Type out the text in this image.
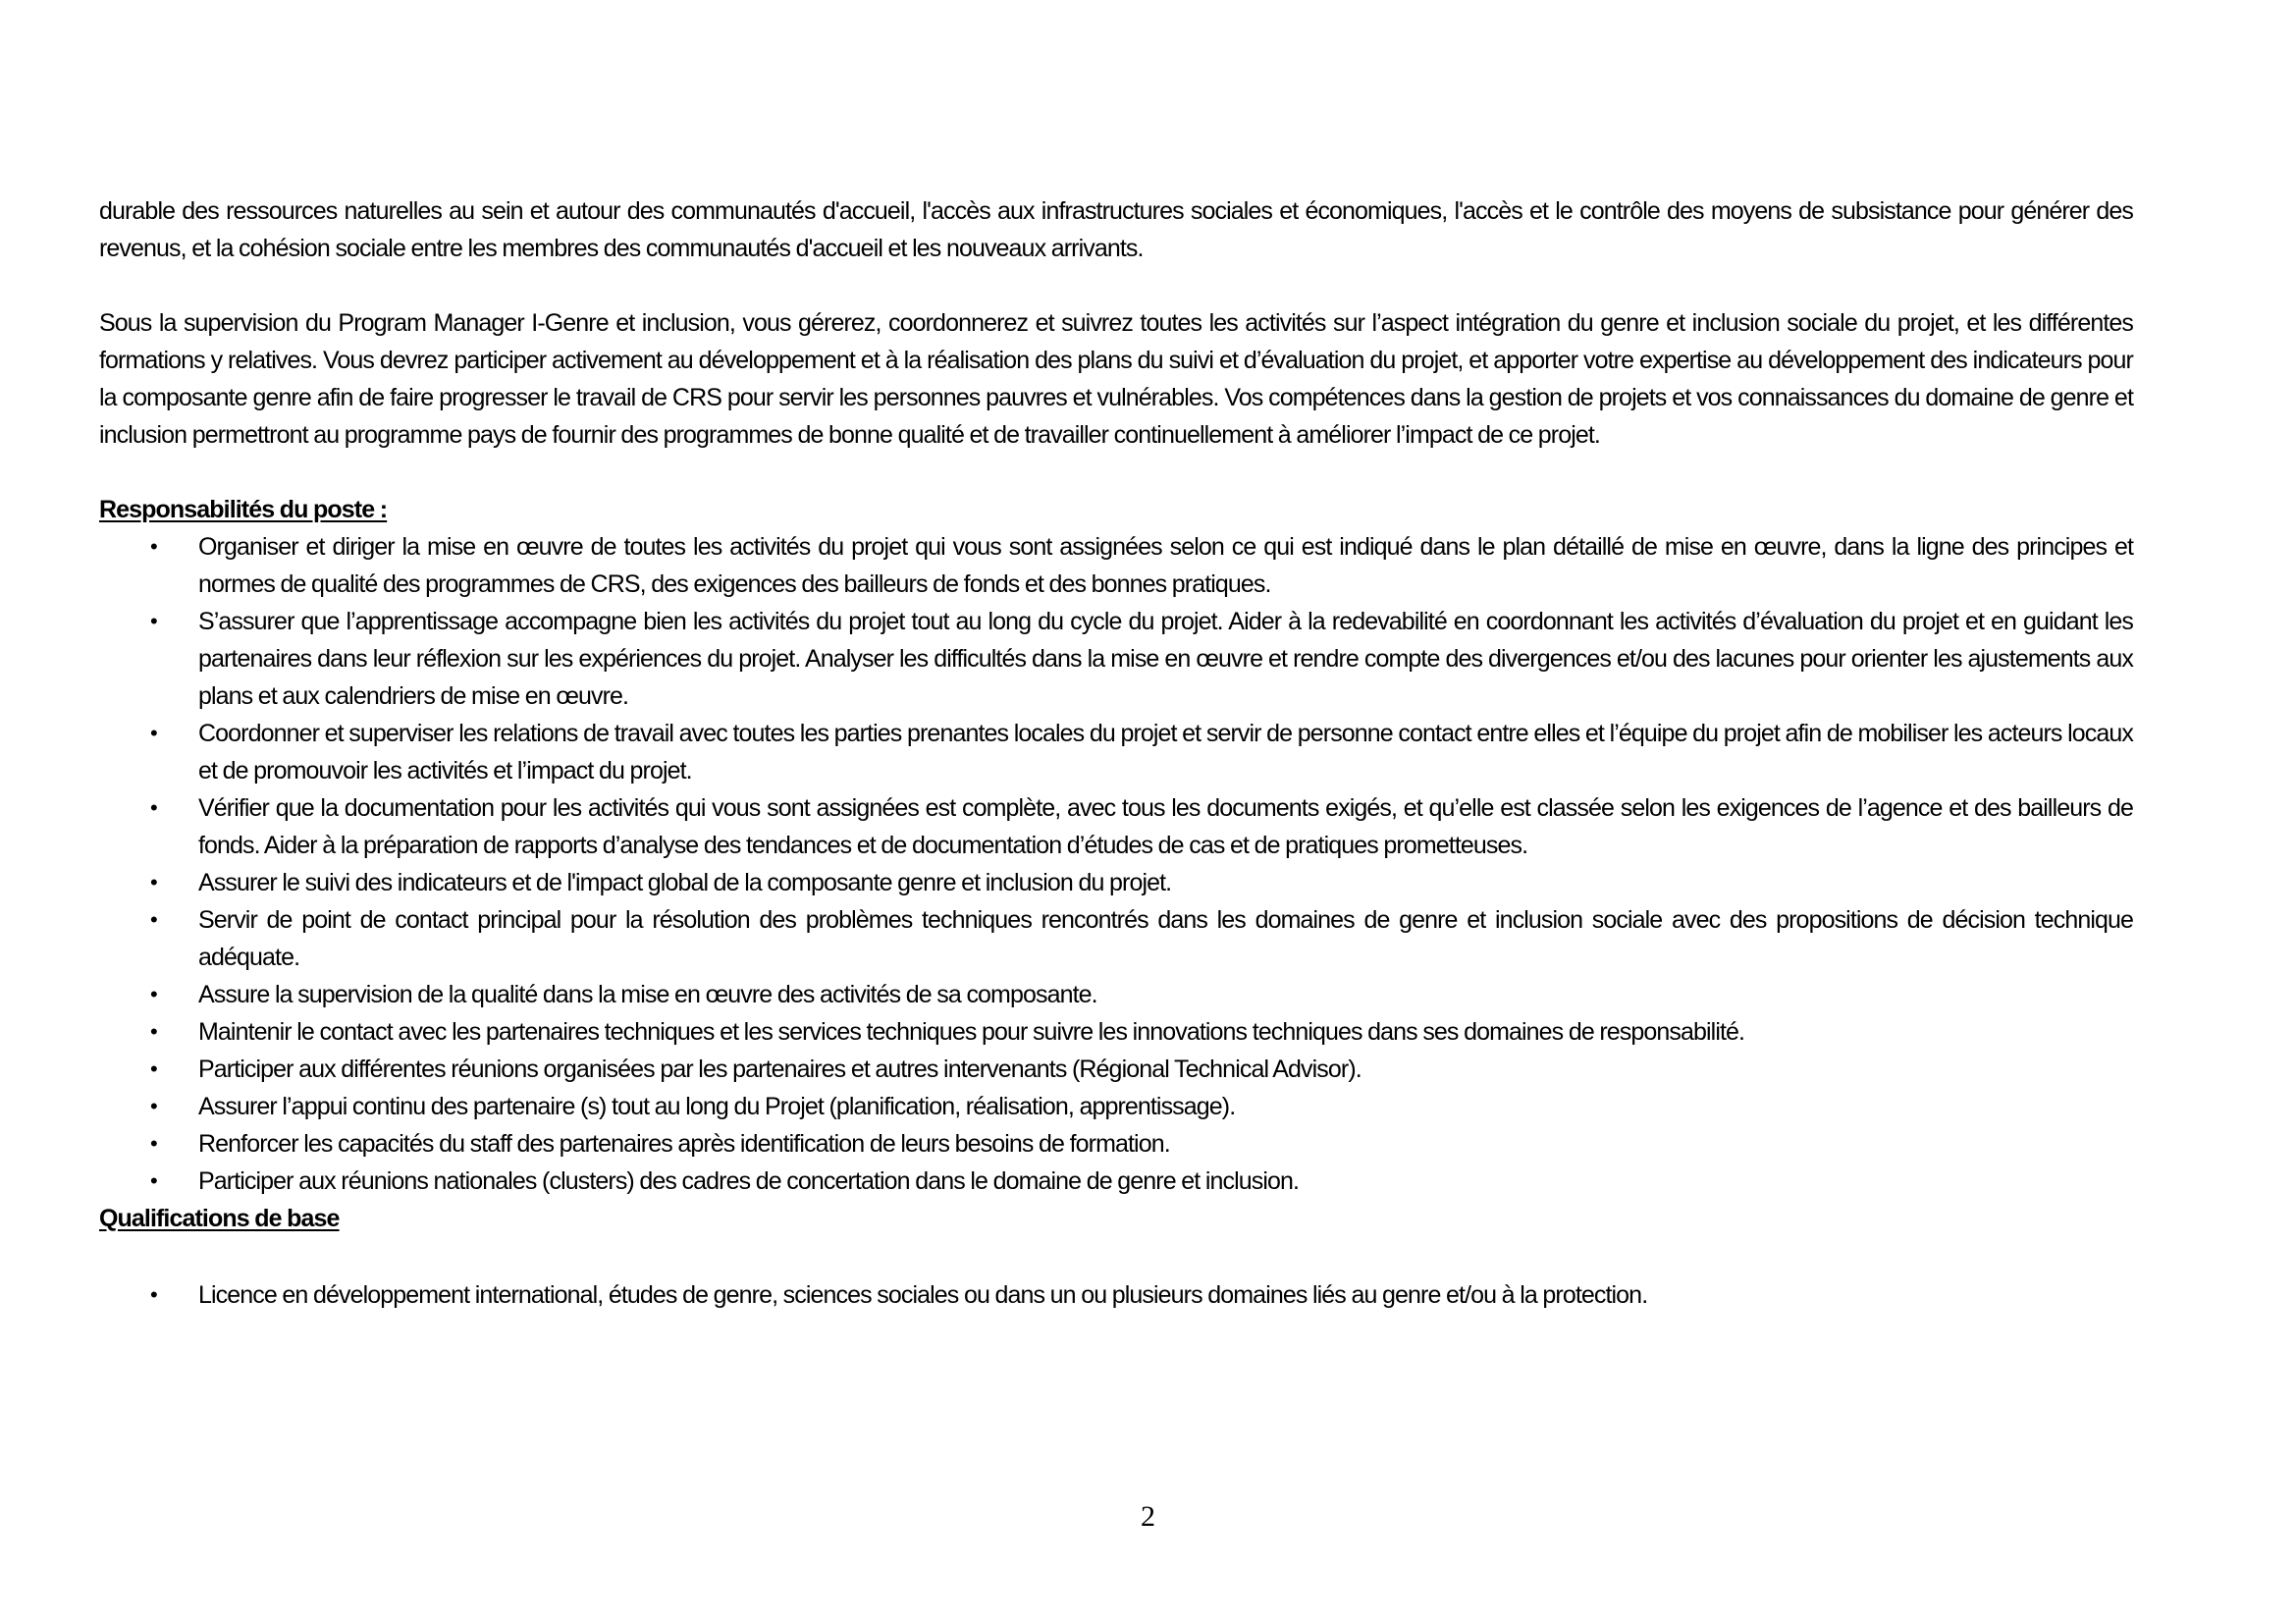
durable des ressources naturelles au sein et autour des communautés d'accueil, l'accès aux infrastructures sociales et économiques, l'accès et le contrôle des moyens de subsistance pour générer des revenus, et la cohésion sociale entre les membres des communautés d'accueil et les nouveaux arrivants.

Sous la supervision du Program Manager I-Genre et inclusion, vous gérerez, coordonnerez et suivrez toutes les activités sur l’aspect intégration du genre et inclusion sociale du projet, et les différentes formations y relatives. Vous devrez participer activement au développement et à la réalisation des plans du suivi et d’évaluation du projet, et apporter votre expertise au développement des indicateurs pour la composante genre afin de faire progresser le travail de CRS pour servir les personnes pauvres et vulnérables. Vos compétences dans la gestion de projets et vos connaissances du domaine de genre et inclusion permettront au programme pays de fournir des programmes de bonne qualité et de travailler continuellement à améliorer l’impact de ce projet.

Responsabilités du poste :

• Organiser et diriger la mise en œuvre de toutes les activités du projet qui vous sont assignées selon ce qui est indiqué dans le plan détaillé de mise en œuvre, dans la ligne des principes et normes de qualité des programmes de CRS, des exigences des bailleurs de fonds et des bonnes pratiques.
• S’assurer que l’apprentissage accompagne bien les activités du projet tout au long du cycle du projet. Aider à la redevabilité en coordonnant les activités d’évaluation du projet et en guidant les partenaires dans leur réflexion sur les expériences du projet. Analyser les difficultés dans la mise en œuvre et rendre compte des divergences et/ou des lacunes pour orienter les ajustements aux plans et aux calendriers de mise en œuvre.
• Coordonner et superviser les relations de travail avec toutes les parties prenantes locales du projet et servir de personne contact entre elles et l’équipe du projet afin de mobiliser les acteurs locaux et de promouvoir les activités et l’impact du projet.
• Vérifier que la documentation pour les activités qui vous sont assignées est complète, avec tous les documents exigés, et qu’elle est classée selon les exigences de l’agence et des bailleurs de fonds. Aider à la préparation de rapports d’analyse des tendances et de documentation d’études de cas et de pratiques prometteuses.
• Assurer le suivi des indicateurs et de l'impact global de la composante genre et inclusion du projet.
• Servir de point de contact principal pour la résolution des problèmes techniques rencontrés dans les domaines de genre et inclusion sociale avec des propositions de décision technique adéquate.
• Assure la supervision de la qualité dans la mise en œuvre des activités de sa composante.
• Maintenir le contact avec les partenaires techniques et les services techniques pour suivre les innovations techniques dans ses domaines de responsabilité.
• Participer aux différentes réunions organisées par les partenaires et autres intervenants (Régional Technical Advisor).
• Assurer l’appui continu des partenaire (s) tout au long du Projet (planification, réalisation, apprentissage).
• Renforcer les capacités du staff des partenaires après identification de leurs besoins de formation.
• Participer aux réunions nationales (clusters) des cadres de concertation dans le domaine de genre et inclusion.

Qualifications de base

• Licence en développement international, études de genre, sciences sociales ou dans un ou plusieurs domaines liés au genre et/ou à la protection.
2
